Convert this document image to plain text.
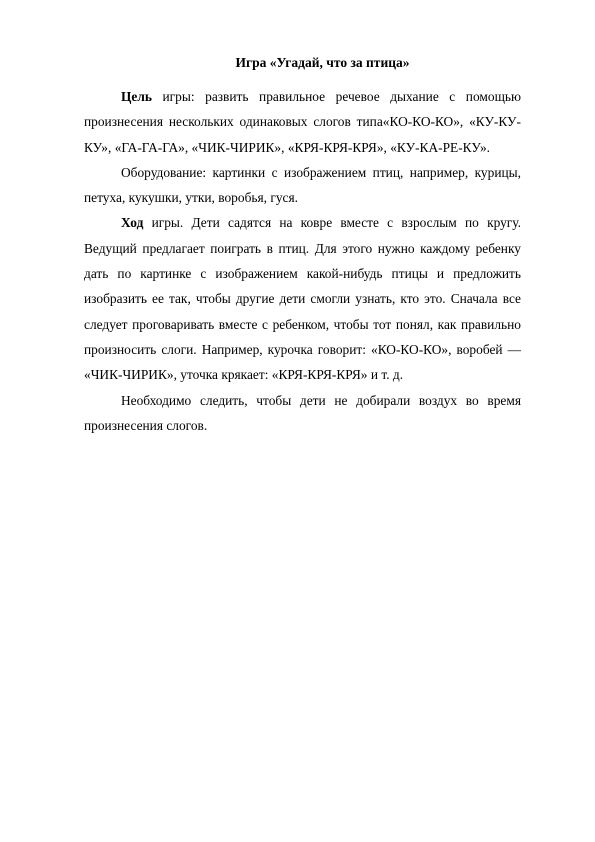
Игра «Угадай, что за птица»

Цель игры: развить правильное речевое дыхание с помощью произнесения нескольких одинаковых слогов типа«КО-КО-КО», «КУ-КУ-КУ», «ГА-ГА-ГА», «ЧИК-ЧИРИК», «КРЯ-КРЯ-КРЯ», «КУ-КА-РЕ-КУ».

Оборудование: картинки с изображением птиц, например, курицы, петуха, кукушки, утки, воробья, гуся.

Ход игры. Дети садятся на ковре вместе с взрослым по кругу. Ведущий предлагает поиграть в птиц. Для этого нужно каждому ребенку дать по картинке с изображением какой-нибудь птицы и предложить изобразить ее так, чтобы другие дети смогли узнать, кто это. Сначала все следует проговаривать вместе с ребенком, чтобы тот понял, как правильно произносить слоги. Например, курочка говорит: «КО-КО-КО», воробей — «ЧИК-ЧИРИК», уточка крякает: «КРЯ-КРЯ-КРЯ» и т. д.

Необходимо следить, чтобы дети не добирали воздух во время произнесения слогов.
